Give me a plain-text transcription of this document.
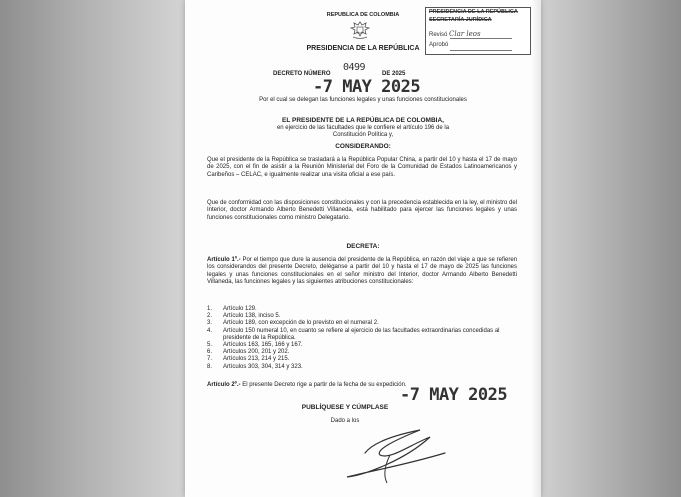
REPUBLICA DE COLOMBIA
PRESIDENCIA DE LA REPÚBLICA
PRESIDENCIA DE LA REPÚBLICA
SECRETARÍA JURÍDICA
Revisó Clar leos
Aprobó
DECRETO NÚMERO
0499
DE 2025
-7 MAY 2025
Por el cual se delegan las funciones legales y unas funciones constitucionales
EL PRESIDENTE DE LA REPÚBLICA DE COLOMBIA,
en ejercicio de las facultades que le confiere el artículo 196 de la
Constitución Política y,
CONSIDERANDO:
Que el presidente de la República se trasladará a la República Popular China, a partir del 10 y hasta el 17 de mayo de 2025, con el fin de asistir a la Reunión Ministerial del Foro de la Comunidad de Estados Latinoamericanos y Caribeños – CELAC, e igualmente realizar una visita oficial a ese país.
Que de conformidad con las disposiciones constitucionales y con la precedencia establecida en la ley, el ministro del Interior, doctor Armando Alberto Benedetti Villaneda, está habilitado para ejercer las funciones legales y unas funciones constitucionales como ministro Delegatario.
DECRETA:
Artículo 1º.- Por el tiempo que dure la ausencia del presidente de la República, en razón del viaje a que se refieren los considerandos del presente Decreto, deléganse a partir del 10 y hasta el 17 de mayo de 2025 las funciones legales y unas funciones constitucionales en el señor ministro del Interior, doctor Armando Alberto Benedetti Villaneda, las funciones legales y las siguientes atribuciones constitucionales:
1. Artículo 129.
2. Artículo 138, inciso 5.
3. Artículo 189, con excepción de lo previsto en el numeral 2.
4.	Artículo 150 numeral 10, en cuanto se refiere al ejercicio de las facultades extraordinarias concedidas al presidente de la República.
5. Artículos 163, 165, 166 y 167.
6. Artículos 200, 201 y 202.
7. Artículos 213, 214 y 215.
8. Artículos 303, 304, 314 y 323.
Artículo 2º.- El presente Decreto rige a partir de la fecha de su expedición.
PUBLÍQUESE Y CÚMPLASE
-7 MAY 2025
Dado a los
